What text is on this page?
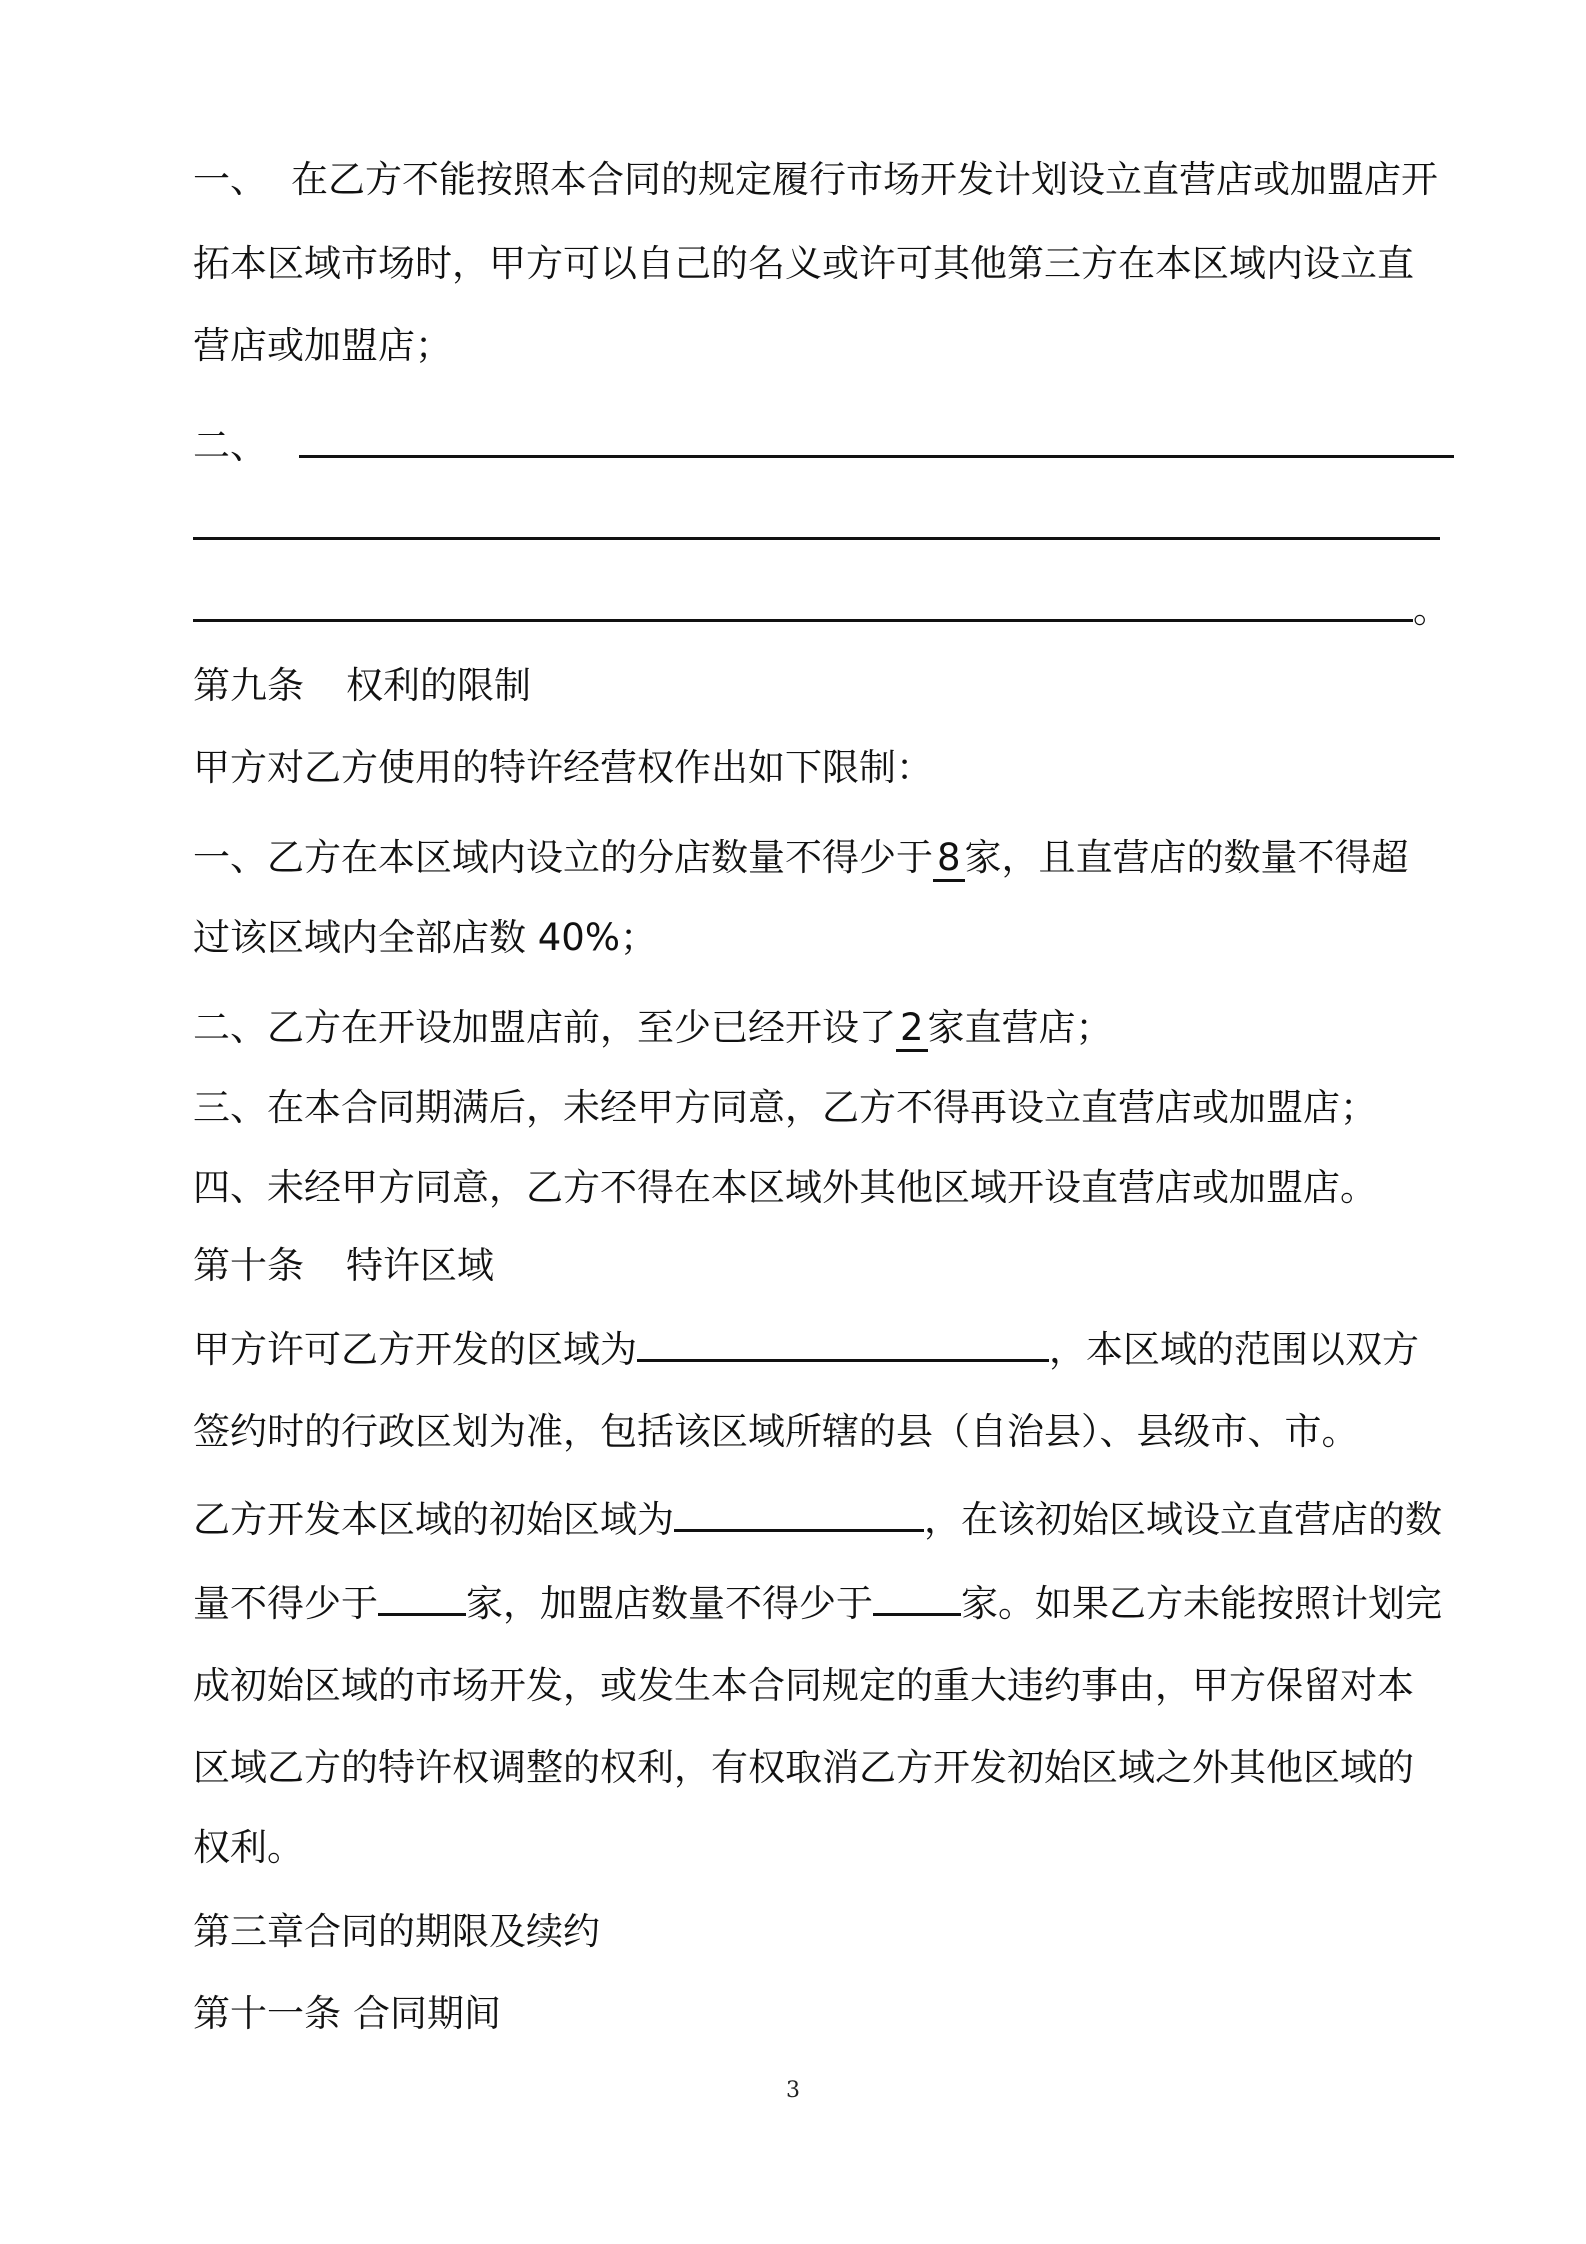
一、 在乙方不能按照本合同的规定履行市场开发计划设立直营店或加盟店开
拓本区域市场时，甲方可以自己的名义或许可其他第三方在本区域内设立直
营店或加盟店；
二、
。
第九条 权利的限制
甲方对乙方使用的特许经营权作出如下限制：
一、乙方在本区域内设立的分店数量不得少于 8 家，且直营店的数量不得超
过该区域内全部店数 40%；
二、乙方在开设加盟店前，至少已经开设了 2 家直营店；
三、在本合同期满后，未经甲方同意，乙方不得再设立直营店或加盟店；
四、未经甲方同意，乙方不得在本区域外其他区域开设直营店或加盟店。
第十条 特许区域
甲方许可乙方开发的区域为	，本区域的范围以双方
签约时的行政区划为准，包括该区域所辖的县（自治县）、县级市、市。
乙方开发本区域的初始区域为	，在该初始区域设立直营店的数
量不得少于 家，加盟店数量不得少于 家。如果乙方未能按照计划完
成初始区域的市场开发，或发生本合同规定的重大违约事由，甲方保留对本
区域乙方的特许权调整的权利，有权取消乙方开发初始区域之外其他区域的
权利。
第三章合同的期限及续约
第十一条 合同期间
3
